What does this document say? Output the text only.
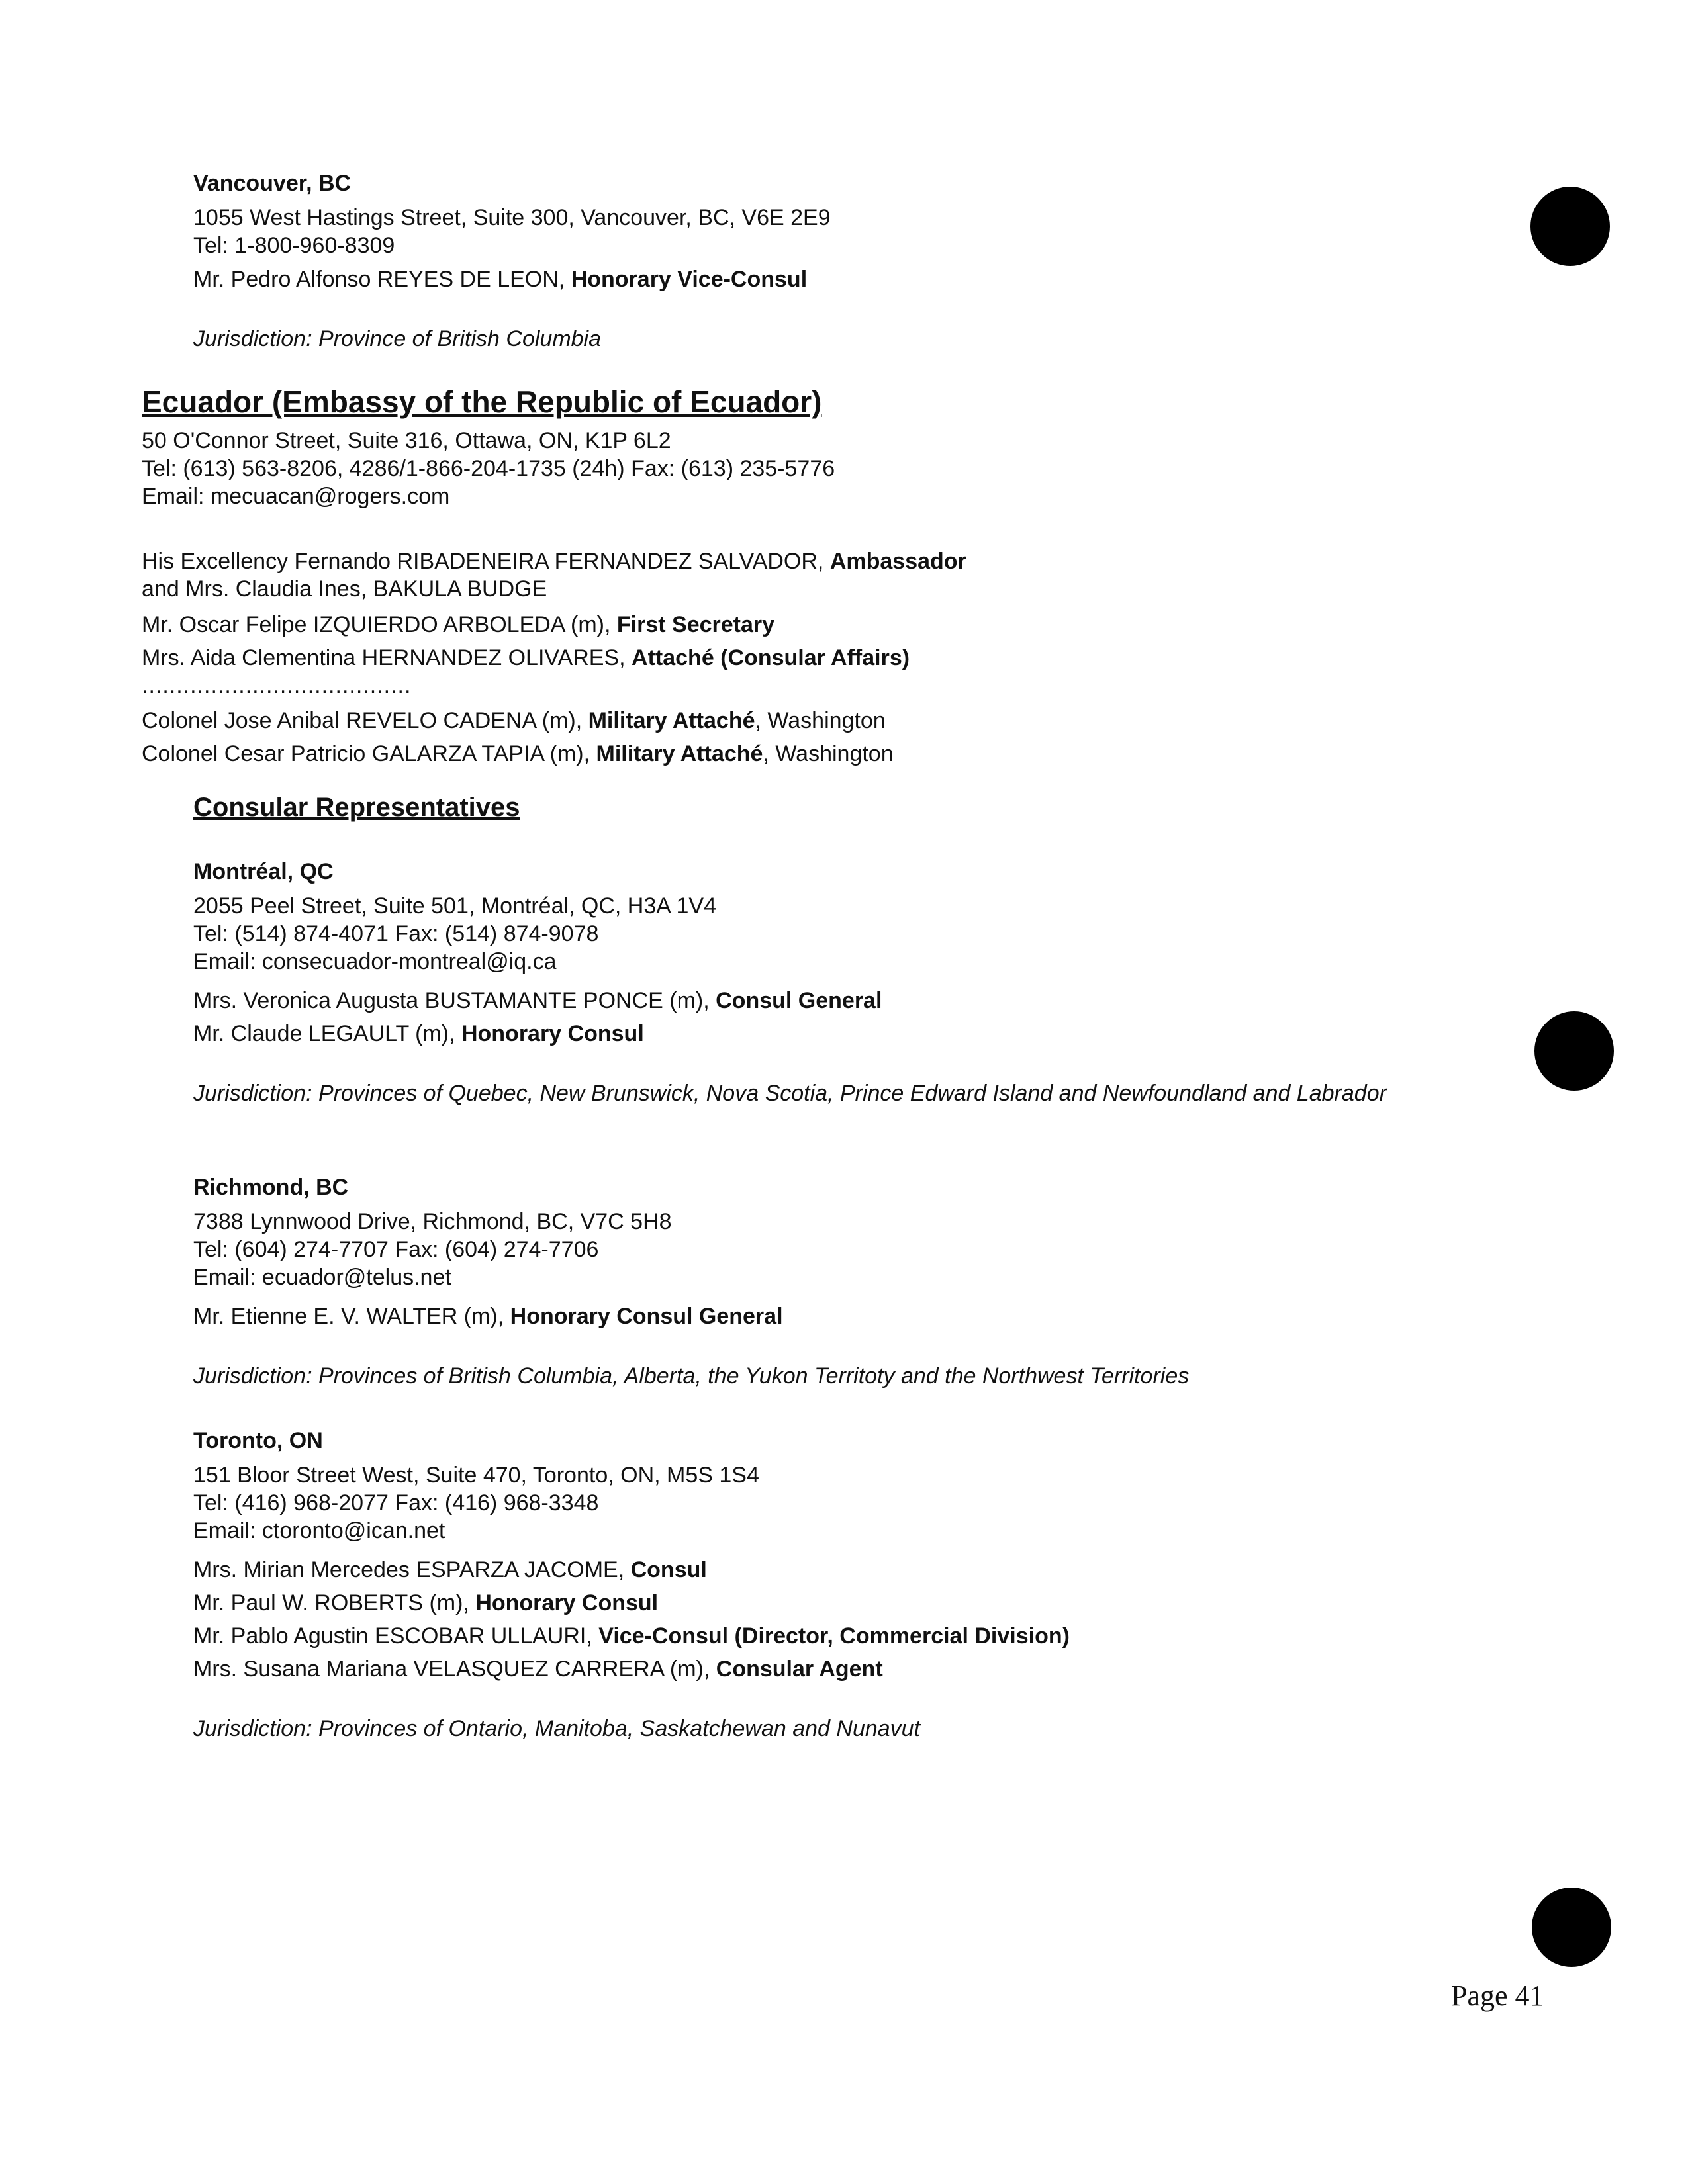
Vancouver, BC
1055 West Hastings Street, Suite 300, Vancouver, BC, V6E 2E9
Tel: 1-800-960-8309
Mr. Pedro Alfonso REYES DE LEON, Honorary Vice-Consul
Jurisdiction: Province of British Columbia
Ecuador (Embassy of the Republic of Ecuador)
50 O'Connor Street, Suite 316, Ottawa, ON, K1P 6L2
Tel: (613) 563-8206, 4286/1-866-204-1735 (24h) Fax: (613) 235-5776
Email: mecuacan@rogers.com
His Excellency Fernando RIBADENEIRA FERNANDEZ SALVADOR, Ambassador
and Mrs. Claudia Ines, BAKULA BUDGE
Mr. Oscar Felipe IZQUIERDO ARBOLEDA (m), First Secretary
Mrs. Aida Clementina HERNANDEZ OLIVARES, Attaché (Consular Affairs)
.......................................
Colonel Jose Anibal REVELO CADENA (m), Military Attaché, Washington
Colonel Cesar Patricio GALARZA TAPIA (m), Military Attaché, Washington
Consular Representatives
Montréal, QC
2055 Peel Street, Suite 501, Montréal, QC, H3A 1V4
Tel: (514) 874-4071 Fax: (514) 874-9078
Email: consecuador-montreal@iq.ca
Mrs. Veronica Augusta BUSTAMANTE PONCE (m), Consul General
Mr. Claude LEGAULT (m), Honorary Consul
Jurisdiction: Provinces of Quebec, New Brunswick, Nova Scotia, Prince Edward Island and Newfoundland and Labrador
Richmond, BC
7388 Lynnwood Drive, Richmond, BC, V7C 5H8
Tel: (604) 274-7707 Fax: (604) 274-7706
Email: ecuador@telus.net
Mr. Etienne E. V. WALTER (m), Honorary Consul General
Jurisdiction: Provinces of British Columbia, Alberta, the Yukon Territoty and the Northwest Territories
Toronto, ON
151 Bloor Street West, Suite 470, Toronto, ON, M5S 1S4
Tel: (416) 968-2077 Fax: (416) 968-3348
Email: ctoronto@ican.net
Mrs. Mirian Mercedes ESPARZA JACOME, Consul
Mr. Paul W. ROBERTS (m), Honorary Consul
Mr. Pablo Agustin ESCOBAR ULLAURI, Vice-Consul (Director, Commercial Division)
Mrs. Susana Mariana VELASQUEZ CARRERA (m), Consular Agent
Jurisdiction: Provinces of Ontario, Manitoba, Saskatchewan and Nunavut
Page 41
